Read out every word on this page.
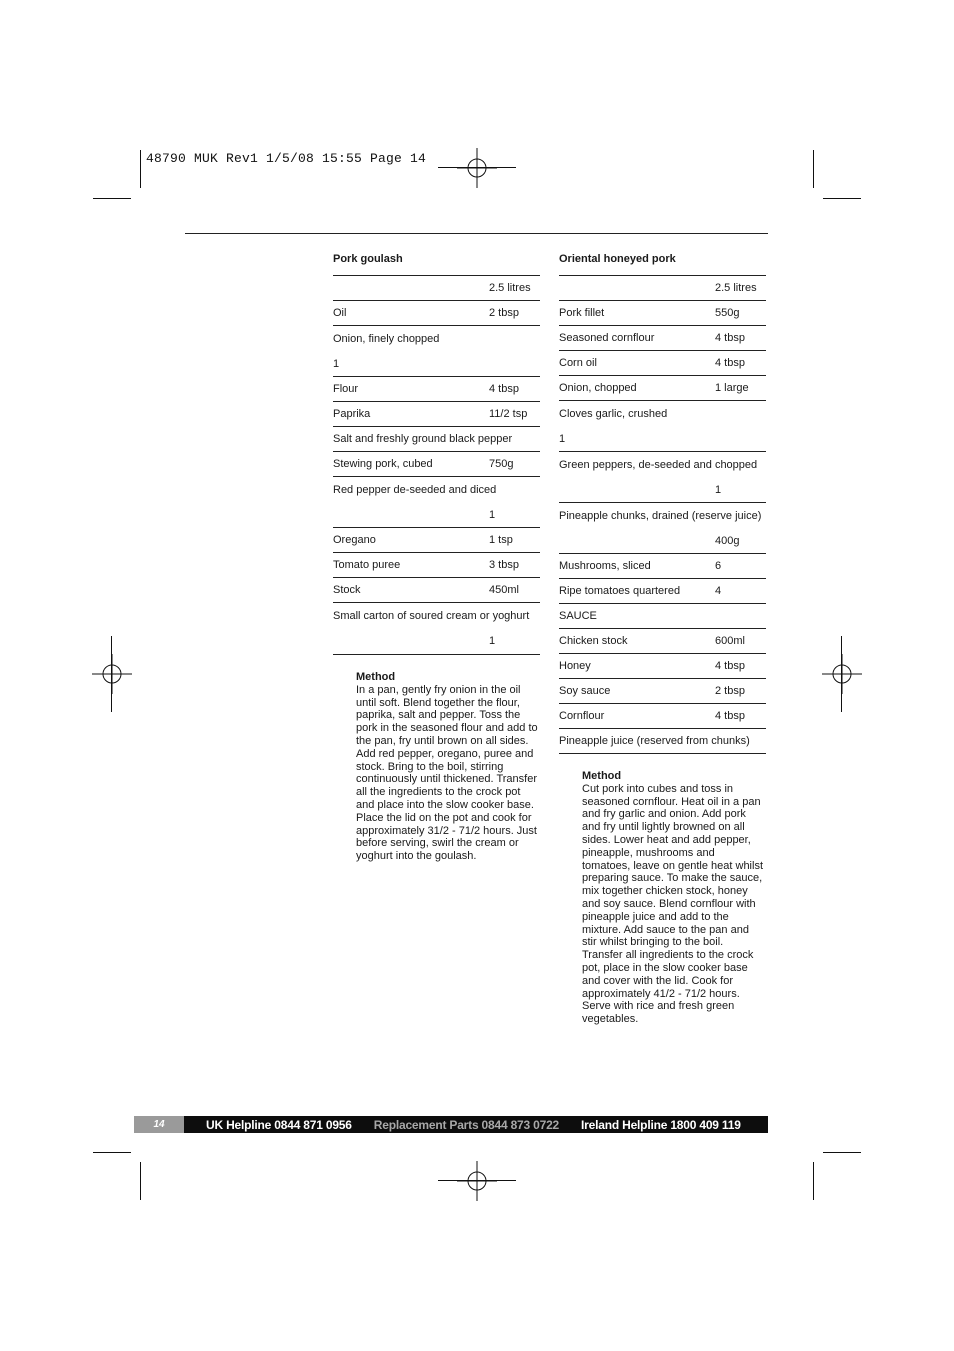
48790 MUK Rev1 1/5/08 15:55 Page 14
Pork goulash
2.5 litres
Oil	2 tbsp
Onion, finely chopped
1
Flour	4 tbsp
Paprika	11/2 tsp
Salt and freshly ground black pepper
Stewing pork, cubed	750g
Red pepper de-seeded and diced
1
Oregano	1 tsp
Tomato puree	3 tbsp
Stock	450ml
Small carton of soured cream or yoghurt
1
Method
In a pan, gently fry onion in the oil until soft. Blend together the flour, paprika, salt and pepper. Toss the pork in the seasoned flour and add to the pan, fry until brown on all sides. Add red pepper, oregano, puree and stock. Bring to the boil, stirring continuously until thickened. Transfer all the ingredients to the crock pot and place into the slow cooker base. Place the lid on the pot and cook for approximately 31/2 - 71/2 hours. Just before serving, swirl the cream or yoghurt into the goulash.
Oriental honeyed pork
2.5 litres
Pork fillet	550g
Seasoned cornflour	4 tbsp
Corn oil	4 tbsp
Onion, chopped	1 large
Cloves garlic, crushed
1
Green peppers, de-seeded and chopped
1
Pineapple chunks, drained (reserve juice)
400g
Mushrooms, sliced	6
Ripe tomatoes quartered	4
SAUCE
Chicken stock	600ml
Honey	4 tbsp
Soy sauce	2 tbsp
Cornflour	4 tbsp
Pineapple juice (reserved from chunks)
Method
Cut pork into cubes and toss in seasoned cornflour. Heat oil in a pan and fry garlic and onion. Add pork and fry until lightly browned on all sides. Lower heat and add pepper, pineapple, mushrooms and tomatoes, leave on gentle heat whilst preparing sauce. To make the sauce, mix together chicken stock, honey and soy sauce. Blend cornflour with pineapple juice and add to the mixture. Add sauce to the pan and stir whilst bringing to the boil. Transfer all ingredients to the crock pot, place in the slow cooker base and cover with the lid. Cook for approximately 41/2 - 71/2 hours. Serve with rice and fresh green vegetables.
14	UK Helpline 0844 871 0956 Replacement Parts 0844 873 0722 Ireland Helpline 1800 409 119
